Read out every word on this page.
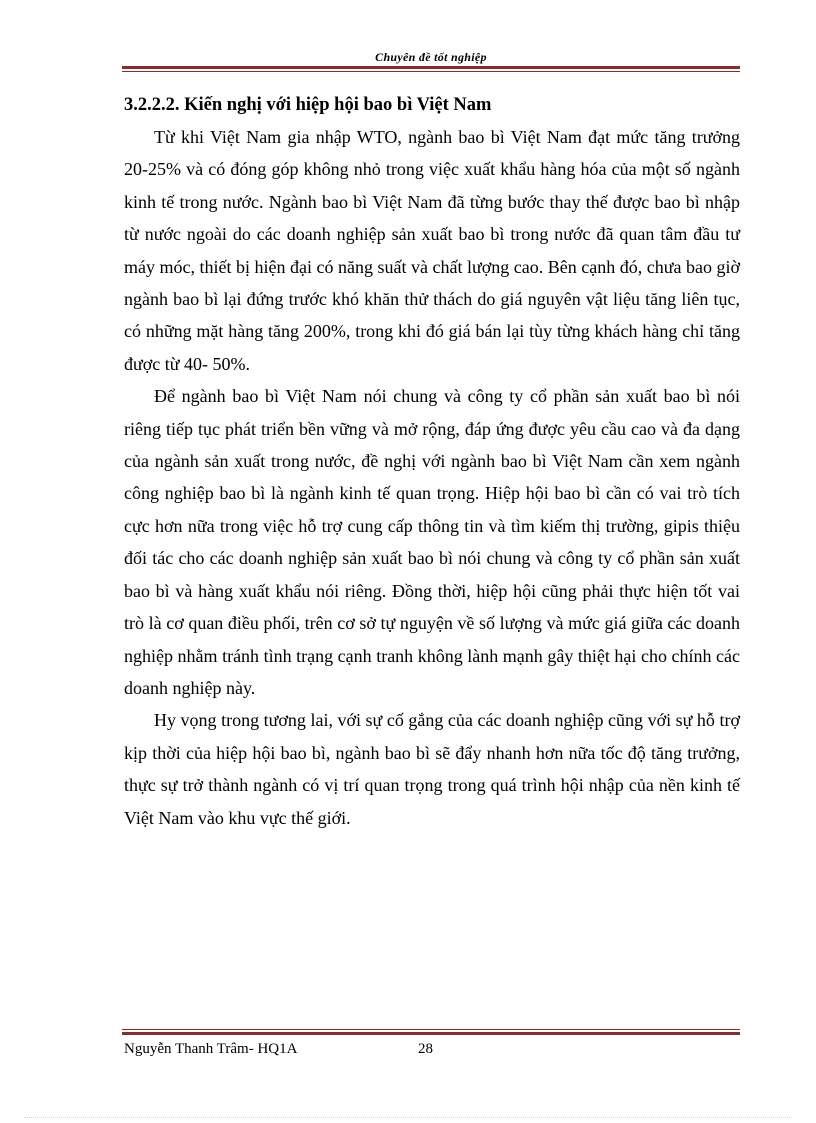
Chuyên đề tốt nghiệp
3.2.2.2. Kiến nghị với hiệp hội bao bì Việt Nam

Từ khi Việt Nam gia nhập WTO, ngành bao bì Việt Nam đạt mức tăng trưởng 20-25% và có đóng góp không nhỏ trong việc xuất khẩu hàng hóa của một số ngành kinh tế trong nước. Ngành bao bì Việt Nam đã từng bước thay thế được bao bì nhập từ nước ngoài do các doanh nghiệp sản xuất bao bì trong nước đã quan tâm đầu tư máy móc, thiết bị hiện đại có năng suất và chất lượng cao. Bên cạnh đó, chưa bao giờ ngành bao bì lại đứng trước khó khăn thử thách do giá nguyên vật liệu tăng liên tục, có những mặt hàng tăng 200%, trong khi đó giá bán lại tùy từng khách hàng chỉ tăng được từ 40- 50%.

Để ngành bao bì Việt Nam nói chung và công ty cổ phần sản xuất bao bì nói riêng tiếp tục phát triển bền vững và mở rộng, đáp ứng được yêu cầu cao và đa dạng của ngành sản xuất trong nước, đề nghị với ngành bao bì Việt Nam cần xem ngành công nghiệp bao bì là ngành kinh tế quan trọng. Hiệp hội bao bì cần có vai trò tích cực hơn nữa trong việc hỗ trợ cung cấp thông tin và tìm kiếm thị trường, gipis thiệu đối tác cho các doanh nghiệp sản xuất bao bì nói chung và công ty cổ phần sản xuất bao bì và hàng xuất khẩu nói riêng. Đồng thời, hiệp hội cũng phải thực hiện tốt vai trò là cơ quan điều phối, trên cơ sở tự nguyện về số lượng và mức giá giữa các doanh nghiệp nhằm tránh tình trạng cạnh tranh không lành mạnh gây thiệt hại cho chính các doanh nghiệp này.

Hy vọng trong tương lai, với sự cố gắng của các doanh nghiệp cũng với sự hỗ trợ kịp thời của hiệp hội bao bì, ngành bao bì sẽ đẩy nhanh hơn nữa tốc độ tăng trưởng, thực sự trở thành ngành có vị trí quan trọng trong quá trình hội nhập của nền kinh tế Việt Nam vào khu vực thế giới.

Nguyễn Thanh Trâm- HQ1A	28
